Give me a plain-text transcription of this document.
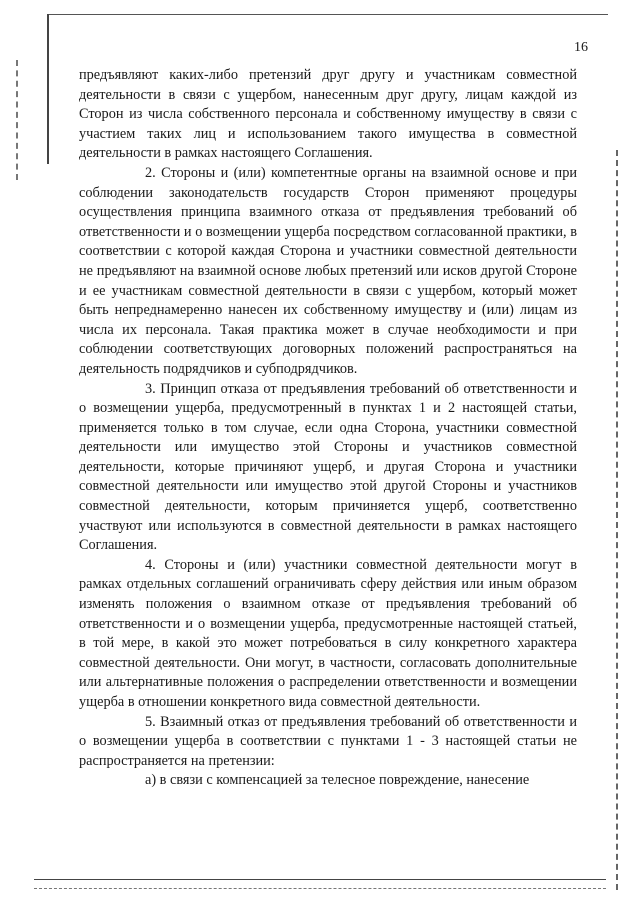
16

предъявляют каких-либо претензий друг другу и участникам совместной деятельности в связи с ущербом, нанесенным друг другу, лицам каждой из Сторон из числа собственного персонала и собственному имуществу в связи с участием таких лиц и использованием такого имущества в совместной деятельности в рамках настоящего Соглашения.

2. Стороны и (или) компетентные органы на взаимной основе и при соблюдении законодательств государств Сторон применяют процедуры осуществления принципа взаимного отказа от предъявления требований об ответственности и о возмещении ущерба посредством согласованной практики, в соответствии с которой каждая Сторона и участники совместной деятельности не предъявляют на взаимной основе любых претензий или исков другой Стороне и ее участникам совместной деятельности в связи с ущербом, который может быть непреднамеренно нанесен их собственному имуществу и (или) лицам из числа их персонала. Такая практика может в случае необходимости и при соблюдении соответствующих договорных положений распространяться на деятельность подрядчиков и субподрядчиков.

3. Принцип отказа от предъявления требований об ответственности и о возмещении ущерба, предусмотренный в пунктах 1 и 2 настоящей статьи, применяется только в том случае, если одна Сторона, участники совместной деятельности или имущество этой Стороны и участников совместной деятельности, которые причиняют ущерб, и другая Сторона и участники совместной деятельности или имущество этой другой Стороны и участников совместной деятельности, которым причиняется ущерб, соответственно участвуют или используются в совместной деятельности в рамках настоящего Соглашения.

4. Стороны и (или) участники совместной деятельности могут в рамках отдельных соглашений ограничивать сферу действия или иным образом изменять положения о взаимном отказе от предъявления требований об ответственности и о возмещении ущерба, предусмотренные настоящей статьей, в той мере, в какой это может потребоваться в силу конкретного характера совместной деятельности. Они могут, в частности, согласовать дополнительные или альтернативные положения о распределении ответственности и возмещении ущерба в отношении конкретного вида совместной деятельности.

5. Взаимный отказ от предъявления требований об ответственности и о возмещении ущерба в соответствии с пунктами 1 - 3 настоящей статьи не распространяется на претензии:

а) в связи с компенсацией за телесное повреждение, нанесение
